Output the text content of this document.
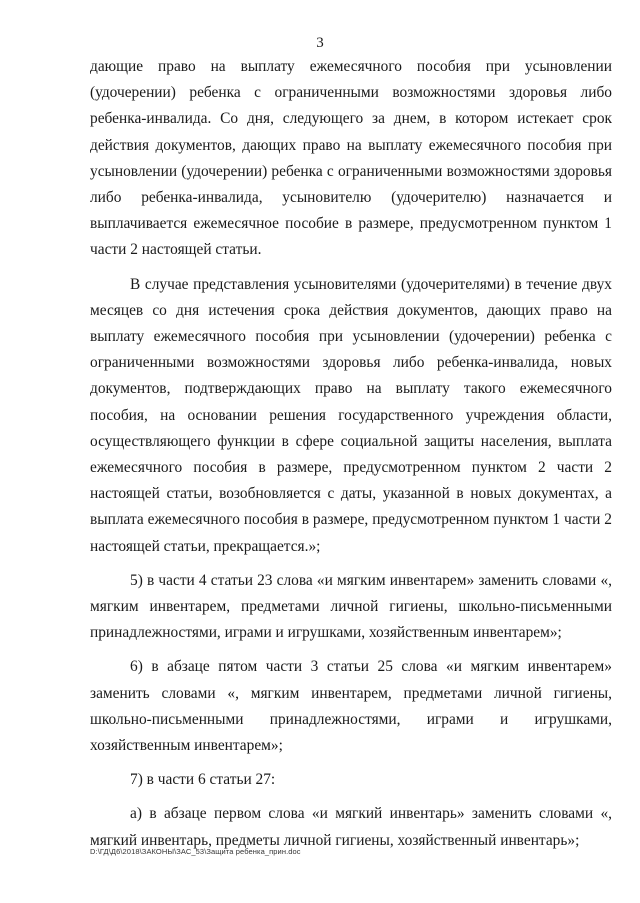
3

дающие право на выплату ежемесячного пособия при усыновлении (удочерении) ребенка с ограниченными возможностями здоровья либо ребенка-инвалида. Со дня, следующего за днем, в котором истекает срок действия документов, дающих право на выплату ежемесячного пособия при усыновлении (удочерении) ребенка с ограниченными возможностями здоровья либо ребенка-инвалида, усыновителю (удочерителю) назначается и выплачивается ежемесячное пособие в размере, предусмотренном пунктом 1 части 2 настоящей статьи.

В случае представления усыновителями (удочерителями) в течение двух месяцев со дня истечения срока действия документов, дающих право на выплату ежемесячного пособия при усыновлении (удочерении) ребенка с ограниченными возможностями здоровья либо ребенка-инвалида, новых документов, подтверждающих право на выплату такого ежемесячного пособия, на основании решения государственного учреждения области, осуществляющего функции в сфере социальной защиты населения, выплата ежемесячного пособия в размере, предусмотренном пунктом 2 части 2 настоящей статьи, возобновляется с даты, указанной в новых документах, а выплата ежемесячного пособия в размере, предусмотренном пунктом 1 части 2 настоящей статьи, прекращается.»;

5) в части 4 статьи 23 слова «и мягким инвентарем» заменить словами «, мягким инвентарем, предметами личной гигиены, школьно-письменными принадлежностями, играми и игрушками, хозяйственным инвентарем»;

6) в абзаце пятом части 3 статьи 25 слова «и мягким инвентарем» заменить словами «, мягким инвентарем, предметами личной гигиены, школьно-письменными принадлежностями, играми и игрушками, хозяйственным инвентарем»;

7) в части 6 статьи 27:

а) в абзаце первом слова «и мягкий инвентарь» заменить словами «, мягкий инвентарь, предметы личной гигиены, хозяйственный инвентарь»;

D:\ГД\Д6\2018\ЗАКОНЫ\ЗАС_53\Защита ребенка_прин.doc
